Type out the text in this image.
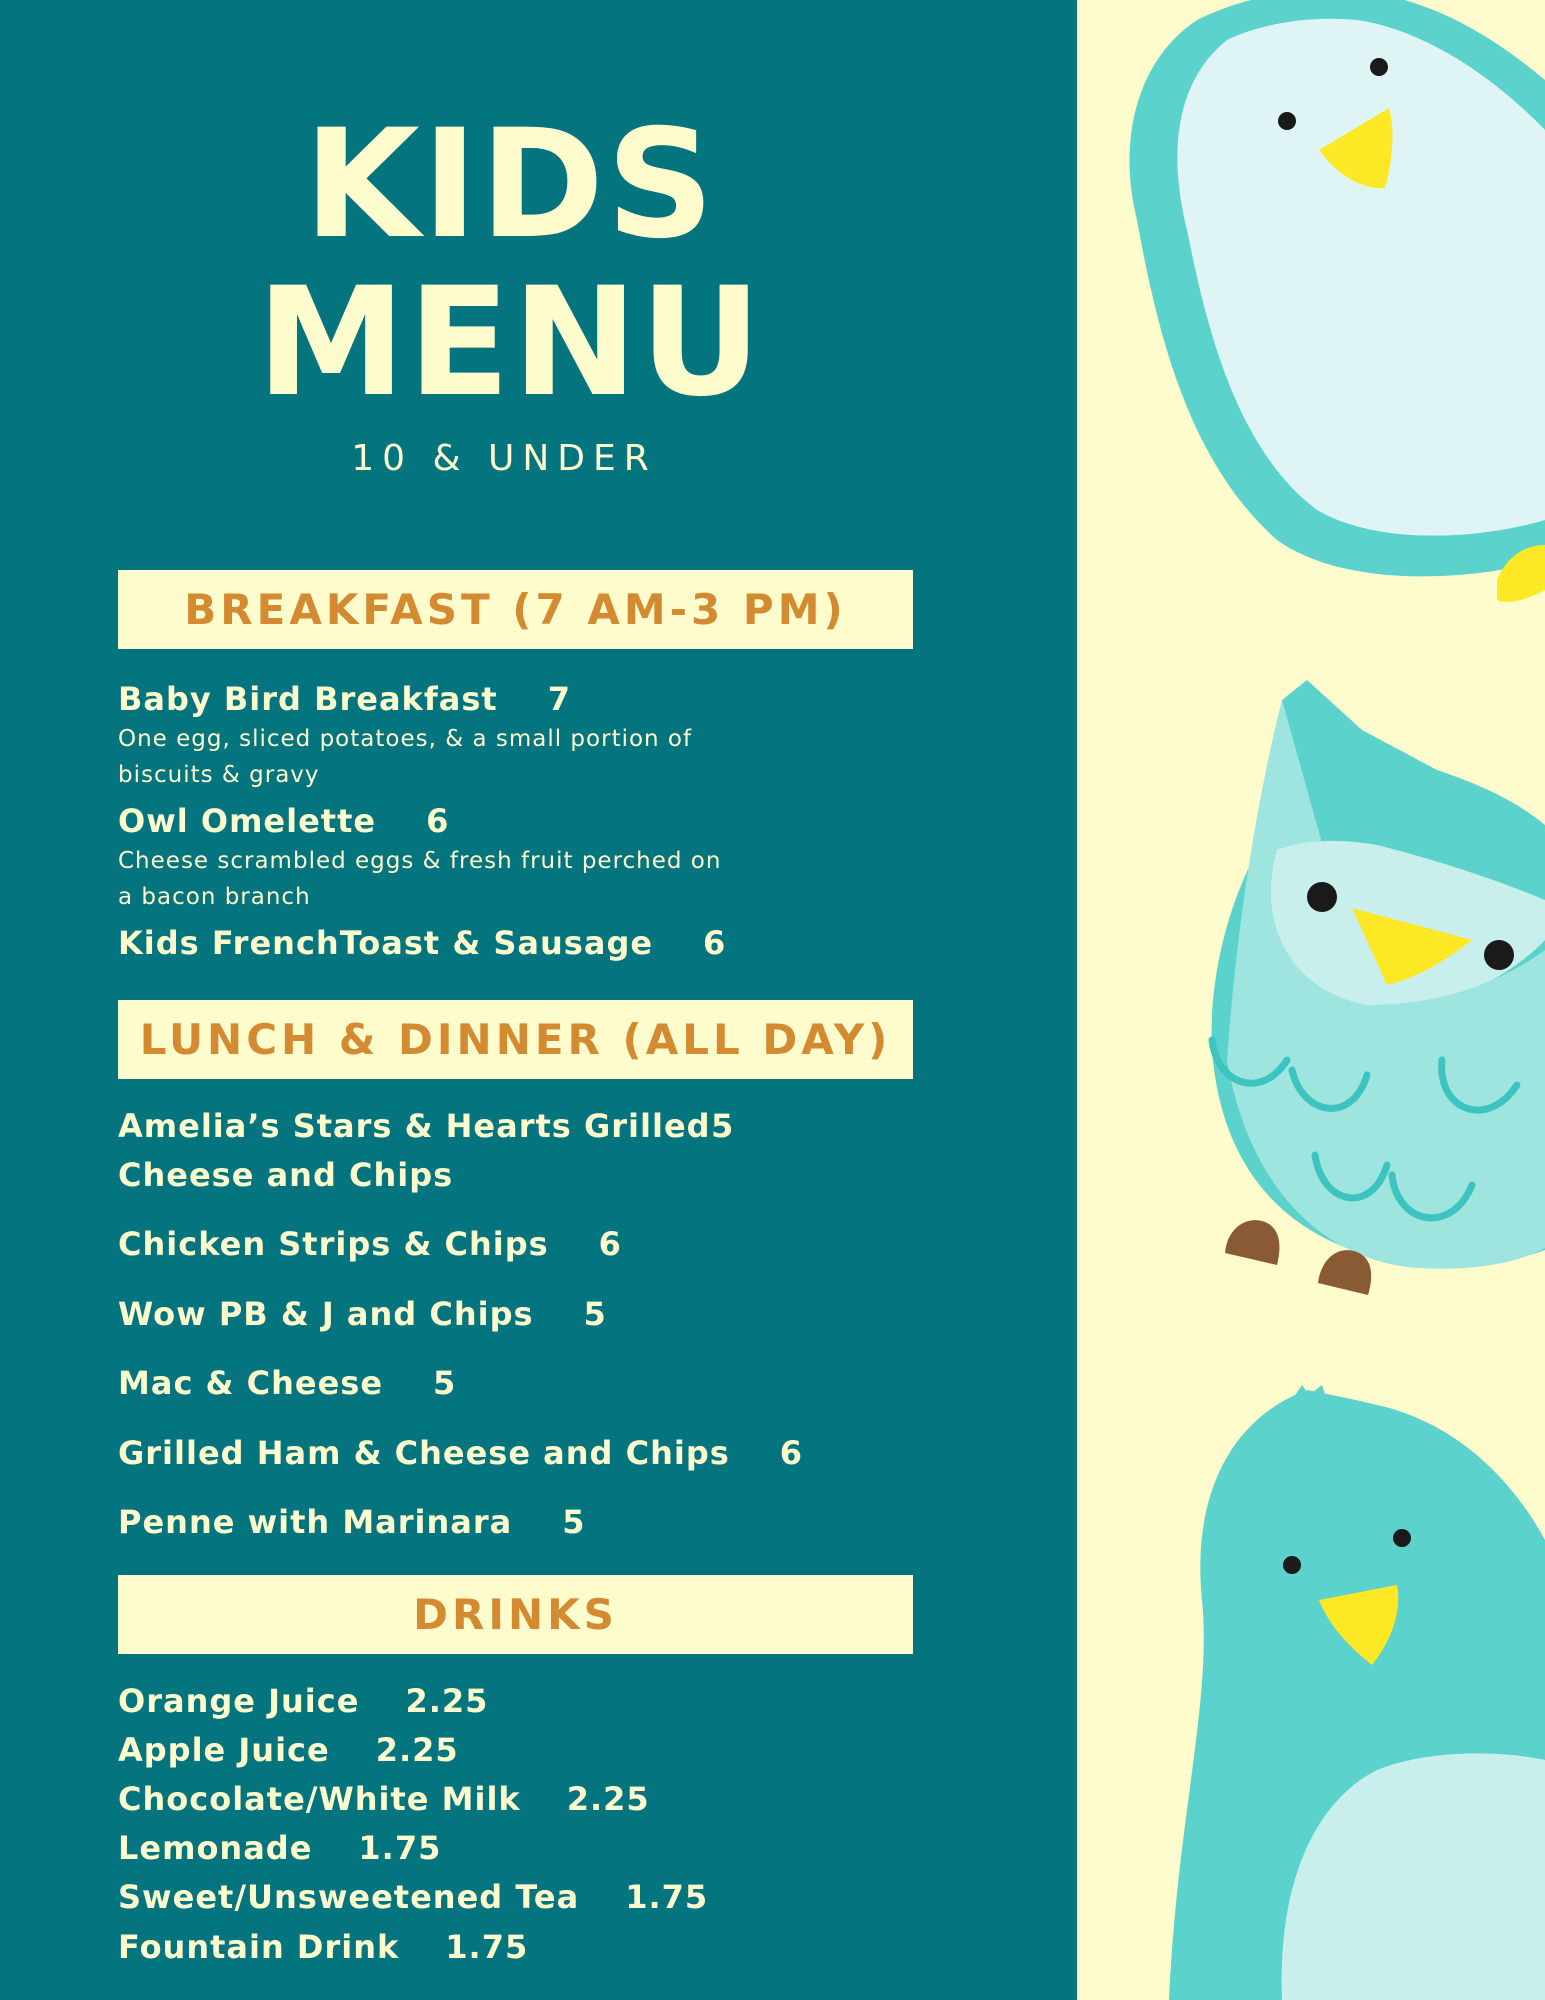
KIDS
MENU

10 & UNDER

BREAKFAST (7 AM-3 PM)

Baby Bird Breakfast 7

One egg, sliced potatoes, & a small portion of biscuits & gravy

Owl Omelette 6

Cheese scrambled eggs & fresh fruit perched on a bacon branch

Kids FrenchToast & Sausage 6

LUNCH & DINNER (ALL DAY)
Amelia’s Stars & Hearts Grilled Cheese and Chips
5

Chicken Strips & Chips 6

Wow PB & J and Chips 5

Mac & Cheese 5

Grilled Ham & Cheese and Chips 6

Penne with Marinara 5

DRINKS

Orange Juice 2.25

Apple Juice 2.25

Chocolate/White Milk 2.25

Lemonade 1.75

Sweet/Unsweetened Tea 1.75

Fountain Drink 1.75
